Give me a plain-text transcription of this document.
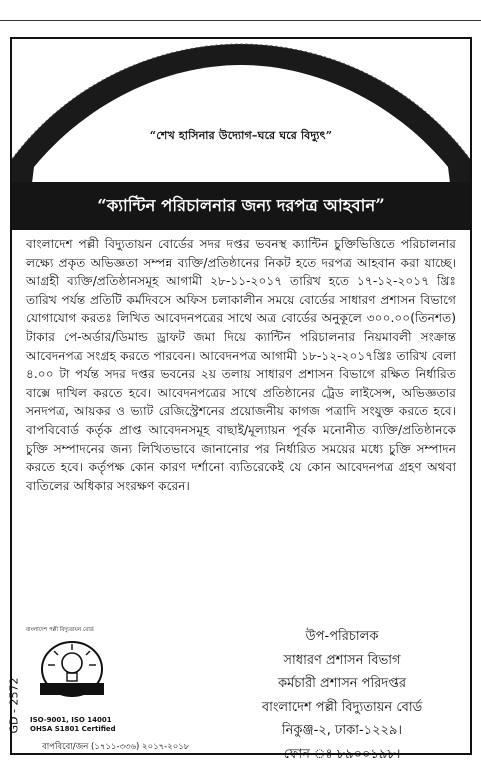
“শেখ হাসিনার উদ্যোগ–ঘরে ঘরে বিদ্যুৎ”
“ক্যান্টিন পরিচালনার জন্য দরপত্র আহবান”
বাংলাদেশ পল্লী বিদ্যুতায়ন বোর্ডের সদর দপ্তর ভবনস্থ ক্যান্টিন চুক্তিভিত্তিতে পরিচালনার লক্ষ্যে প্রকৃত অভিজ্ঞতা সম্পন্ন ব্যক্তি/প্রতিষ্ঠানের নিকট হতে দরপত্র আহবান করা যাচ্ছে। আগ্রহী ব্যক্তি/প্রতিষ্ঠানসমূহ আগামী ২৮-১১-২০১৭ তারিখ হতে ১৭-১২-২০১৭ খ্রিঃ তারিখ পর্যন্ত প্রতিটি কর্মদিবসে অফিস চলাকালীন সময়ে বোর্ডের সাধারণ প্রশাসন বিভাগে যোগাযোগ করতঃ লিখিত আবেদনপত্রের সাথে অত্র বোর্ডের অনুকূলে ৩০০.০০(তিনশত) টাকার পে-অর্ডার/ডিমান্ড ড্রাফট জমা দিয়ে ক্যান্টিন পরিচালনার নিয়মাবলী সংক্রান্ত আবেদনপত্র সংগ্রহ করতে পারবেন। আবেদনপত্র আগামী ১৮-১২-২০১৭খ্রিঃ তারিখ বেলা ৪.০০ টা পর্যন্ত সদর দপ্তর ভবনের ২য় তলায় সাধারণ প্রশাসন বিভাগে রক্ষিত নির্ধারিত বাক্সে দাখিল করতে হবে। আবেদনপত্রের সাথে প্রতিষ্ঠানের ট্রেড লাইসেন্স, অভিজ্ঞতার সনদপত্র, আয়কর ও ভ্যাট রেজিস্ট্রেশনের প্রয়োজনীয় কাগজ পত্রাদি সংযুক্ত করতে হবে। বাপবিবোর্ড কর্তৃক প্রাপ্ত আবেদনসমূহ বাছাই/মূল্যায়ন পূর্বক মনোনীত ব্যক্তি/প্রতিষ্ঠানকে চুক্তি সম্পাদনের জন্য লিখিতভাবে জানানোর পর নির্ধারিত সময়ের মধ্যে চুক্তি সম্পাদন করতে হবে। কর্তৃপক্ষ কোন কারণ দর্শানো ব্যতিরেকেই যে কোন আবেদনপত্র গ্রহণ অথবা বাতিলের অধিকার সংরক্ষণ করেন।
বাংলাদেশ পল্লী বিদ্যুতায়ন বোর্ড
ISO-9001, ISO 14001
OHSA S1801 Certified
বাপবিবো/জন (১৭১১-৩৩৬) ২০১৭-২০১৮
GD - 2572
উপ-পরিচালক
সাধারণ প্রশাসন বিভাগ
কর্মচারী প্রশাসন পরিদপ্তর
বাংলাদেশ পল্লী বিদ্যুতায়ন বোর্ড
নিকুঞ্জ-২, ঢাকা-১২২৯।
ফোন ঃ ৮৯০০১৯৮।
